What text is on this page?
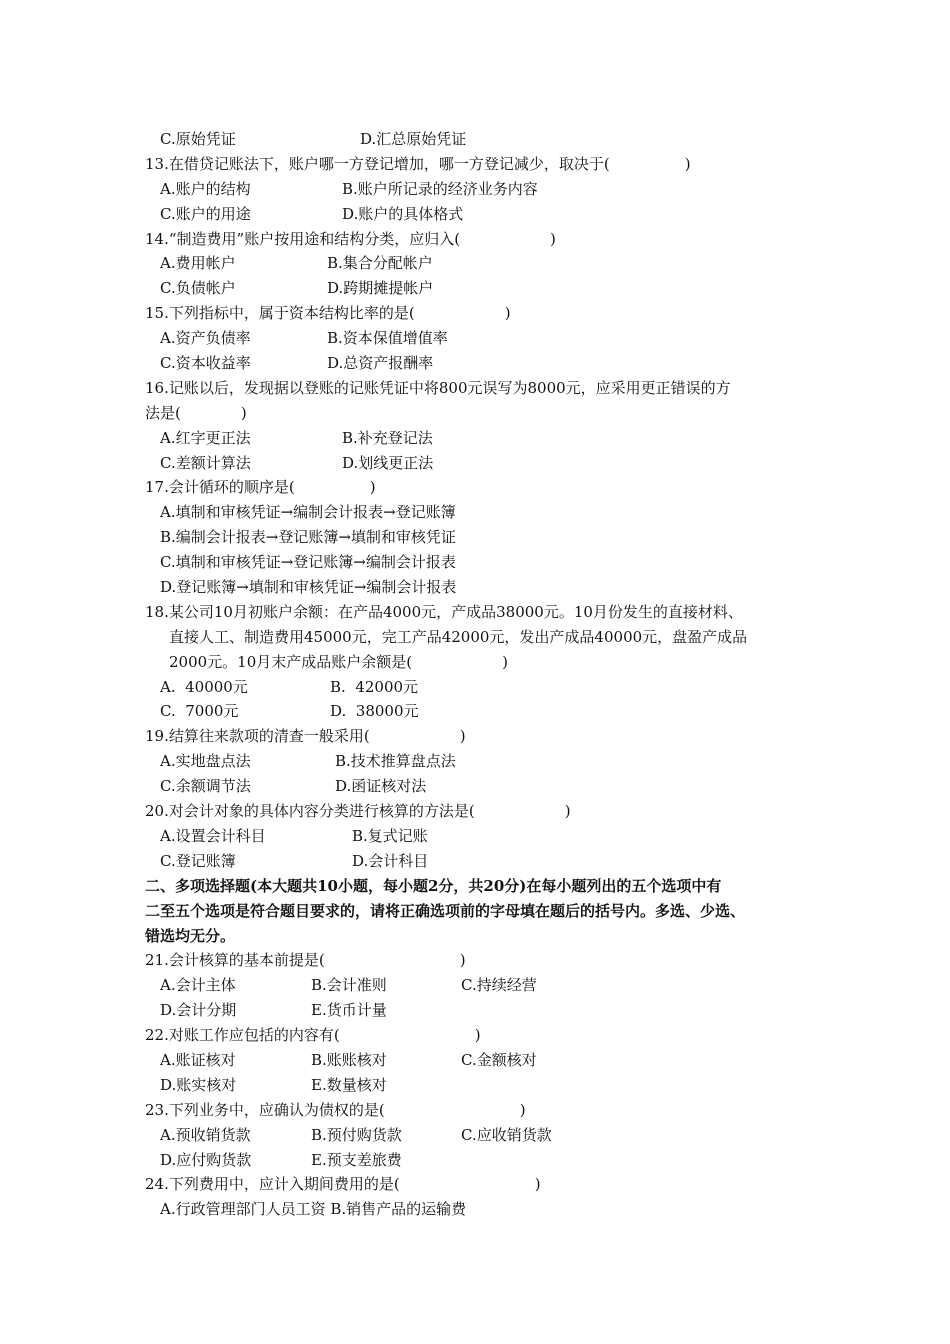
C.原始凭证	D.汇总原始凭证
13.在借贷记账法下，账户哪一方登记增加，哪一方登记减少，取决于(　　　　　)
A.账户的结构	B.账户所记录的经济业务内容
C.账户的用途	D.账户的具体格式
14.“制造费用”账户按用途和结构分类，应归入(　　　　　　)
A.费用帐户	B.集合分配帐户
C.负债帐户	D.跨期摊提帐户
15.下列指标中，属于资本结构比率的是(　　　　　　)
A.资产负债率	B.资本保值增值率
C.资本收益率	D.总资产报酬率
16.记账以后，发现据以登账的记账凭证中将800元误写为8000元，应采用更正错误的方
法是(　　　　)
A.红字更正法	B.补充登记法
C.差额计算法	D.划线更正法
17.会计循环的顺序是(　　　　　)
A.填制和审核凭证→编制会计报表→登记账簿
B.编制会计报表→登记账簿→填制和审核凭证
C.填制和审核凭证→登记账簿→编制会计报表
D.登记账簿→填制和审核凭证→编制会计报表
18.某公司10月初账户余额：在产品4000元，产成品38000元。10月份发生的直接材料、
直接人工、制造费用45000元，完工产品42000元，发出产成品40000元，盘盈产成品
2000元。10月末产成品账户余额是(　　　　　　)
A.  40000元	B.  42000元
C.  7000元	D.  38000元
19.结算往来款项的清查一般采用(　　　　　　)
A.实地盘点法	B.技术推算盘点法
C.余额调节法	D.函证核对法
20.对会计对象的具体内容分类进行核算的方法是(　　　　　　)
A.设置会计科目	B.复式记账
C.登记账簿	D.会计科目
二、多项选择题(本大题共10小题，每小题2分，共20分)在每小题列出的五个选项中有
二至五个选项是符合题目要求的，请将正确选项前的字母填在题后的括号内。多选、少选、
错选均无分。
21.会计核算的基本前提是(　　　　　　　　　)
A.会计主体	B.会计准则	C.持续经营
D.会计分期	E.货币计量
22.对账工作应包括的内容有(　　　　　　　　　)
A.账证核对	B.账账核对	C.金额核对
D.账实核对	E.数量核对
23.下列业务中，应确认为债权的是(　　　　　　　　　)
A.预收销货款	B.预付购货款	C.应收销货款
D.应付购货款	E.预支差旅费
24.下列费用中，应计入期间费用的是(　　　　　　　　　)
A.行政管理部门人员工资 B.销售产品的运输费
